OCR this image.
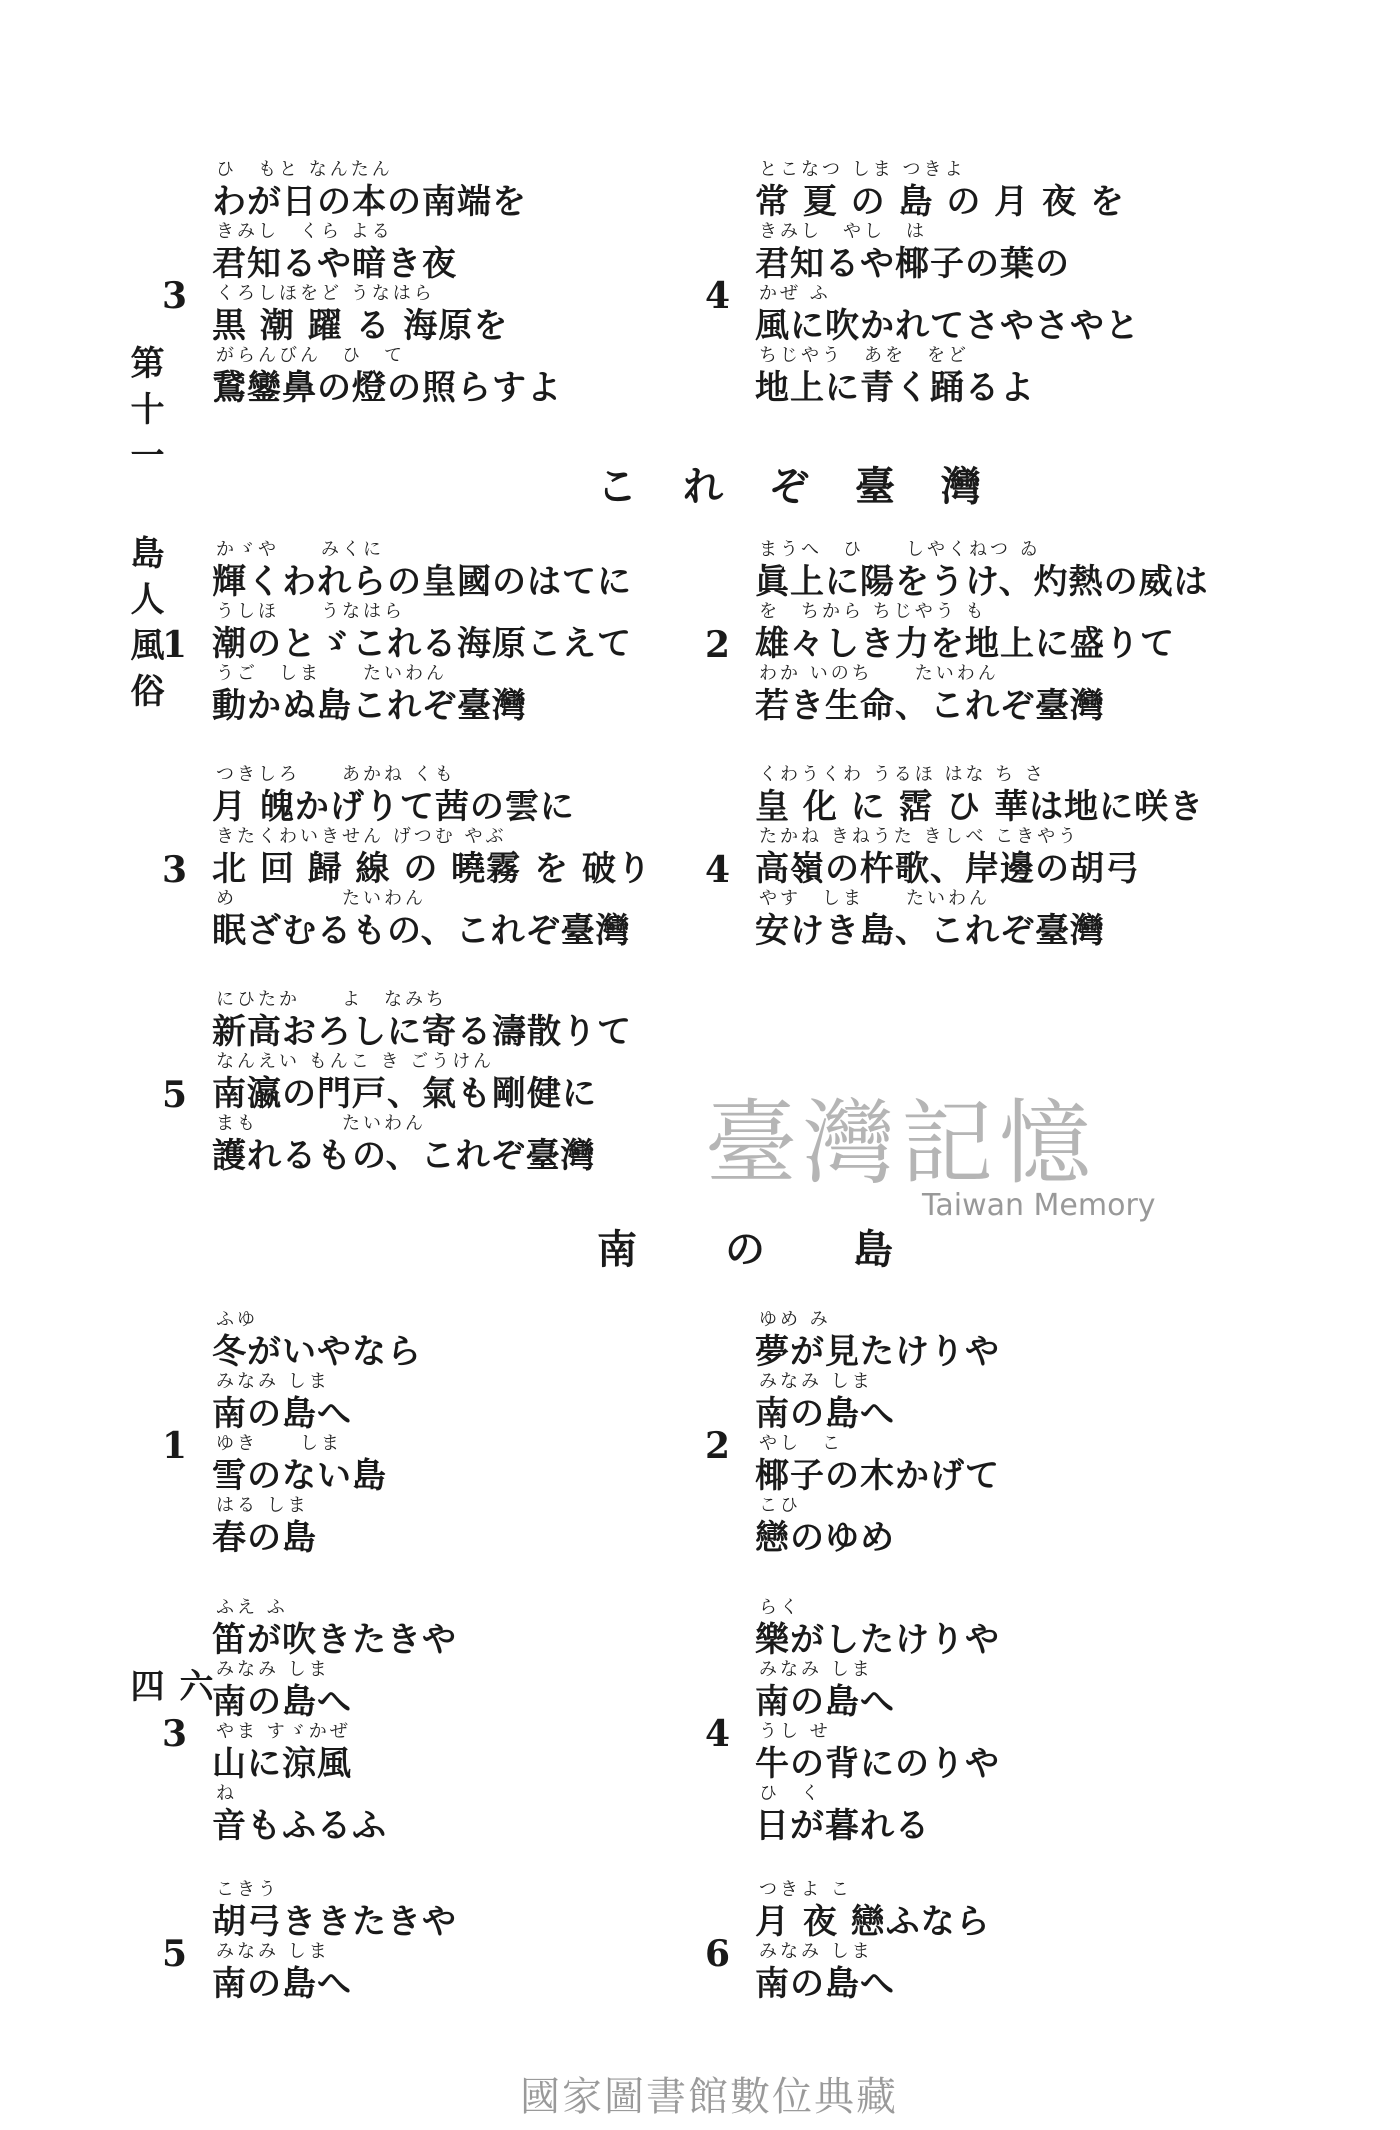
第十一 島人風俗
六四
3
ひ　もと なんたん
わが日の本の南端を
きみし　くら よる
君知るや暗き夜
くろしほをど うなはら
黒 潮 躍 る 海原を
がらんびん　ひ　て
鵞鑾鼻の燈の照らすよ
4
とこなつ しま つきよ
常 夏 の 島 の 月 夜 を
きみし　やし　は
君知るや椰子の葉の
かぜ ふ
風に吹かれてさやさやと
ちじやう　あを　をど
地上に青く踊るよ
これぞ臺灣
1
かゞや　　みくに
輝くわれらの皇國のはてに
うしほ　　うなはら
潮のとゞこれる海原こえて
うご　しま　　たいわん
動かぬ島これぞ臺灣
2
まうへ　ひ　　しやくねつ ゐ
眞上に陽をうけ、灼熱の威は
を　ちから ちじやう も
雄々しき力を地上に盛りて
わか いのち　　たいわん
若き生命、これぞ臺灣
3
つきしろ　　あかね くも
月 魄かげりて茜の雲に
きたくわいきせん げつむ やぶ
北 回 歸 線 の 曉霧 を 破り
め　　　　　たいわん
眠ざむるもの、これぞ臺灣
4
くわうくわ うるほ はな ち さ
皇 化 に 霑 ひ 華は地に咲き
たかね きねうた きしべ こきやう
高嶺の杵歌、岸邊の胡弓
やす　しま　　たいわん
安けき島、これぞ臺灣
5
にひたか　　よ　なみち
新高おろしに寄る濤散りて
なんえい もんこ き ごうけん
南瀛の門戸、氣も剛健に
まも　　　　たいわん
護れるもの、これぞ臺灣 臺灣記憶
Taiwan Memory
南の島
1
ふゆ
冬がいやなら
みなみ しま
南の島へ
ゆき　　しま
雪のない島
はる しま
春の島
2
ゆめ み
夢が見たけりや
みなみ しま
南の島へ
やし　こ
椰子の木かげて
こひ
戀のゆめ
3
ふえ ふ
笛が吹きたきや
みなみ しま
南の島へ
やま すゞかぜ
山に涼風
ね
音もふるふ
4
らく
樂がしたけりや
みなみ しま
南の島へ
うし せ
牛の背にのりや
ひ　く
日が暮れる
5
こきう
胡弓ききたきや
みなみ しま
南の島へ
6
つきよ こ
月 夜 戀ふなら
みなみ しま
南の島へ
國家圖書館數位典藏
